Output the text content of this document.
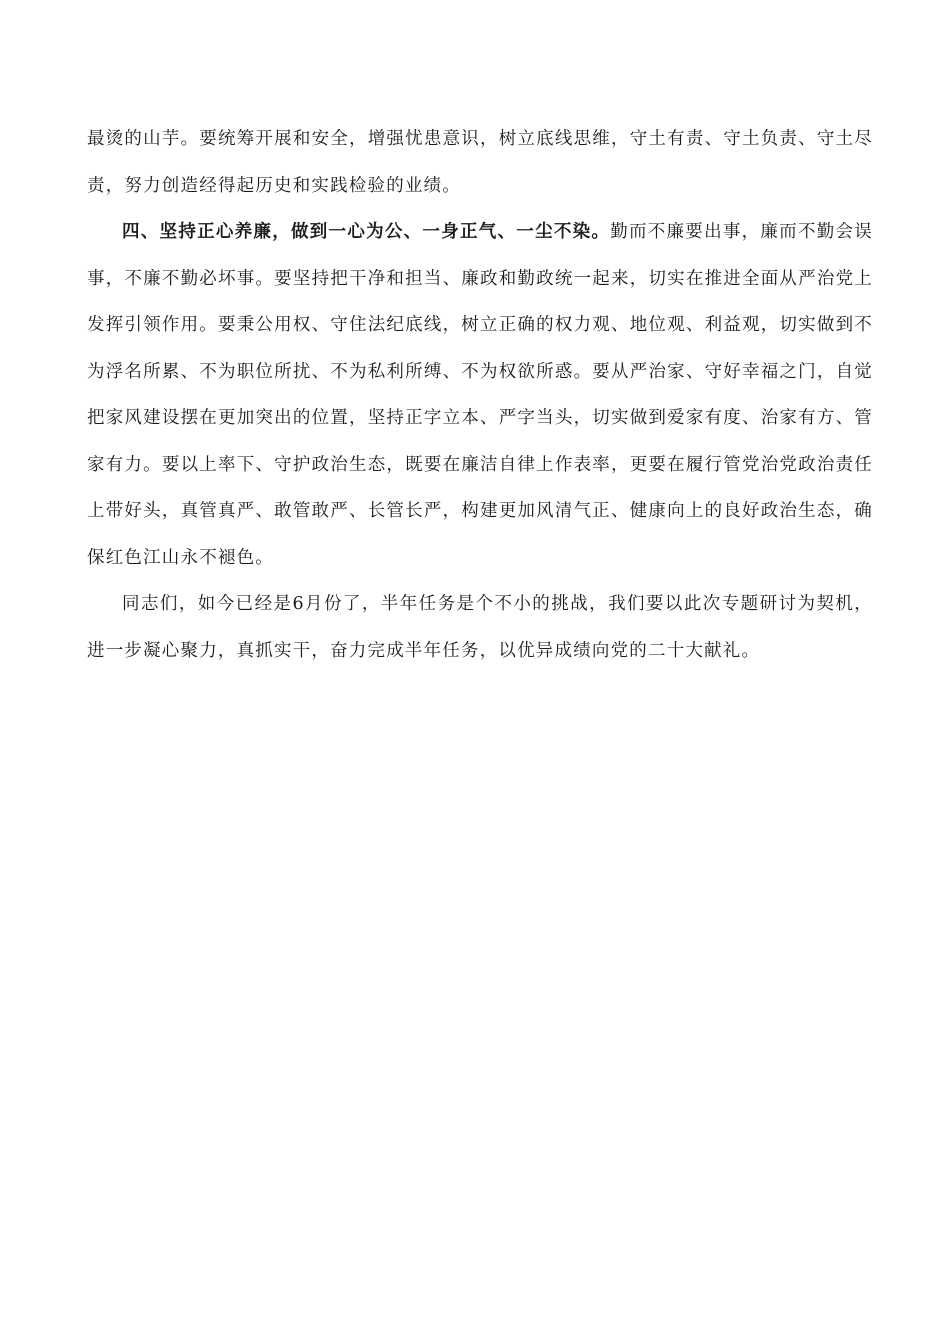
最烫的山芋。要统筹开展和安全，增强忧患意识，树立底线思维，守土有责、守土负责、守土尽责，努力创造经得起历史和实践检验的业绩。

四、坚持正心养廉，做到一心为公、一身正气、一尘不染。勤而不廉要出事，廉而不勤会误事，不廉不勤必坏事。要坚持把干净和担当、廉政和勤政统一起来，切实在推进全面从严治党上发挥引领作用。要秉公用权、守住法纪底线，树立正确的权力观、地位观、利益观，切实做到不为浮名所累、不为职位所扰、不为私利所缚、不为权欲所惑。要从严治家、守好幸福之门，自觉把家风建设摆在更加突出的位置，坚持正字立本、严字当头，切实做到爱家有度、治家有方、管家有力。要以上率下、守护政治生态，既要在廉洁自律上作表率，更要在履行管党治党政治责任上带好头，真管真严、敢管敢严、长管长严，构建更加风清气正、健康向上的良好政治生态，确保红色江山永不褪色。

同志们，如今已经是6月份了，半年任务是个不小的挑战，我们要以此次专题研讨为契机，进一步凝心聚力，真抓实干，奋力完成半年任务，以优异成绩向党的二十大献礼。
